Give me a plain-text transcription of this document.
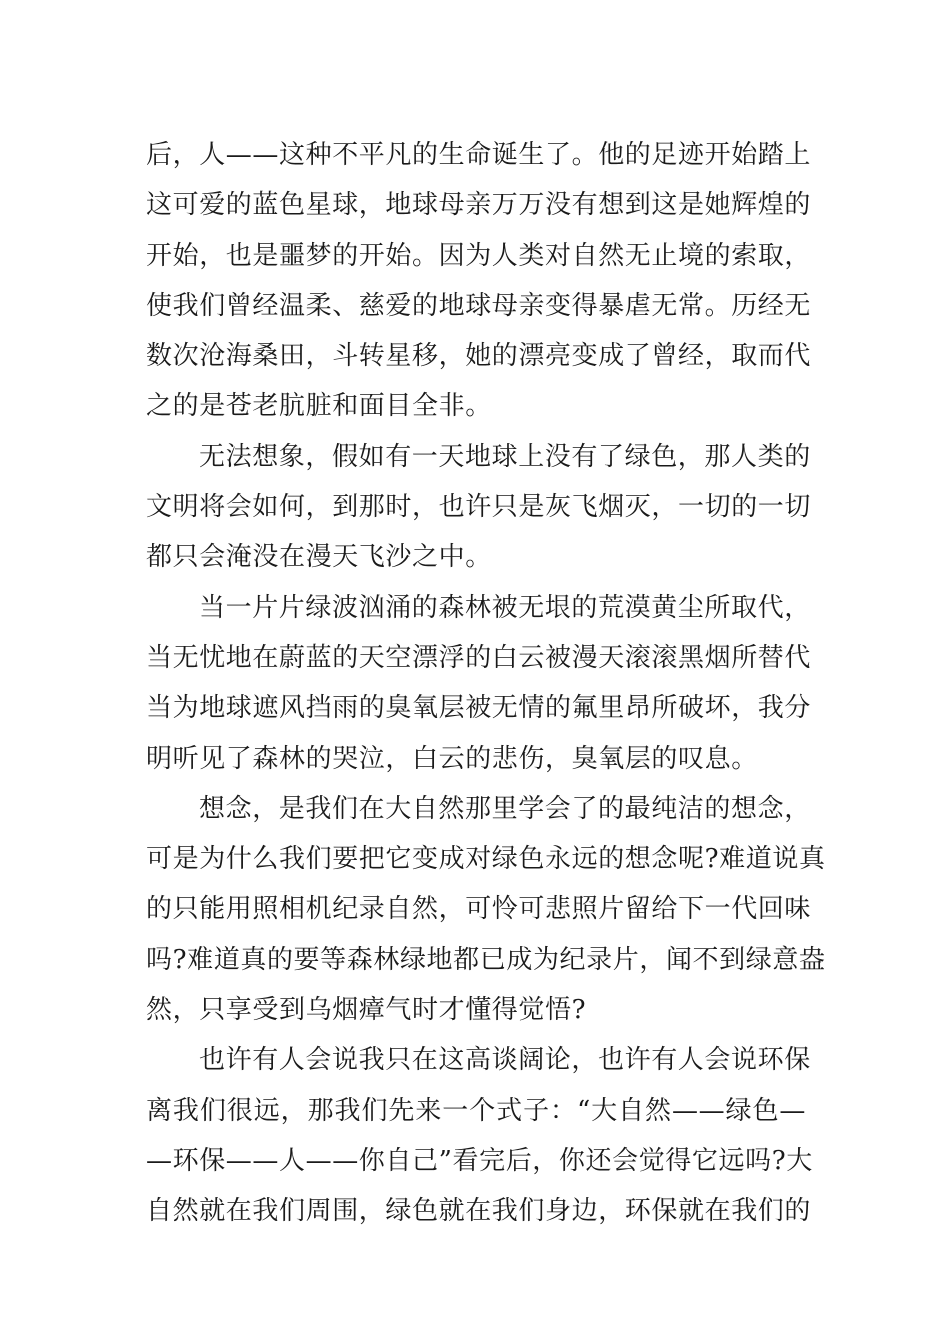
后，人——这种不平凡的生命诞生了。他的足迹开始踏上
这可爱的蓝色星球，地球母亲万万没有想到这是她辉煌的
开始，也是噩梦的开始。因为人类对自然无止境的索取，
使我们曾经温柔、慈爱的地球母亲变得暴虐无常。历经无
数次沧海桑田，斗转星移，她的漂亮变成了曾经，取而代
之的是苍老肮脏和面目全非。
无法想象，假如有一天地球上没有了绿色，那人类的
文明将会如何，到那时，也许只是灰飞烟灭，一切的一切
都只会淹没在漫天飞沙之中。
当一片片绿波汹涌的森林被无垠的荒漠黄尘所取代，
当无忧地在蔚蓝的天空漂浮的白云被漫天滚滚黑烟所替代
当为地球遮风挡雨的臭氧层被无情的氟里昂所破坏，我分
明听见了森林的哭泣，白云的悲伤，臭氧层的叹息。
想念，是我们在大自然那里学会了的最纯洁的想念，
可是为什么我们要把它变成对绿色永远的想念呢?难道说真
的只能用照相机纪录自然，可怜可悲照片留给下一代回味
吗?难道真的要等森林绿地都已成为纪录片，闻不到绿意盎
然，只享受到乌烟瘴气时才懂得觉悟?
也许有人会说我只在这高谈阔论，也许有人会说环保
离我们很远，那我们先来一个式子：“大自然——绿色—
—环保——人——你自己”看完后，你还会觉得它远吗?大
自然就在我们周围，绿色就在我们身边，环保就在我们的
